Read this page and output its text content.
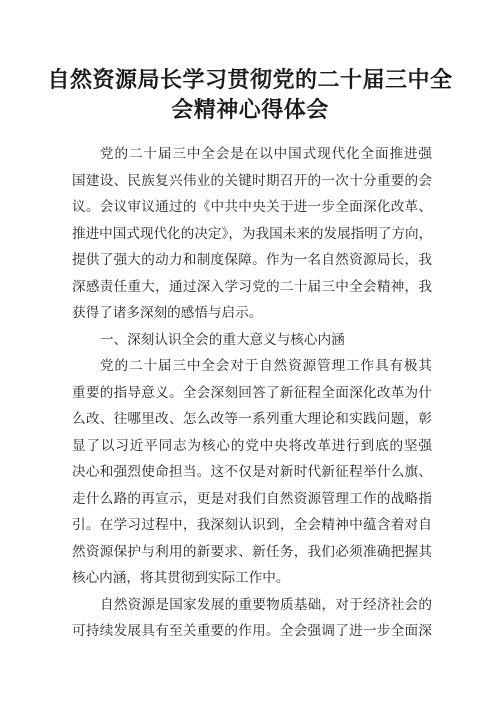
自然资源局长学习贯彻党的二十届三中全
会精神心得体会
党的二十届三中全会是在以中国式现代化全面推进强
国建设、民族复兴伟业的关键时期召开的一次十分重要的会
议。会议审议通过的《中共中央关于进一步全面深化改革、
推进中国式现代化的决定》，为我国未来的发展指明了方向，
提供了强大的动力和制度保障。作为一名自然资源局长，我
深感责任重大，通过深入学习党的二十届三中全会精神，我
获得了诸多深刻的感悟与启示。
一、深刻认识全会的重大意义与核心内涵
党的二十届三中全会对于自然资源管理工作具有极其
重要的指导意义。全会深刻回答了新征程全面深化改革为什
么改、往哪里改、怎么改等一系列重大理论和实践问题，彰
显了以习近平同志为核心的党中央将改革进行到底的坚强
决心和强烈使命担当。这不仅是对新时代新征程举什么旗、
走什么路的再宣示，更是对我们自然资源管理工作的战略指
引。在学习过程中，我深刻认识到，全会精神中蕴含着对自
然资源保护与利用的新要求、新任务，我们必须准确把握其
核心内涵，将其贯彻到实际工作中。
自然资源是国家发展的重要物质基础，对于经济社会的
可持续发展具有至关重要的作用。全会强调了进一步全面深
